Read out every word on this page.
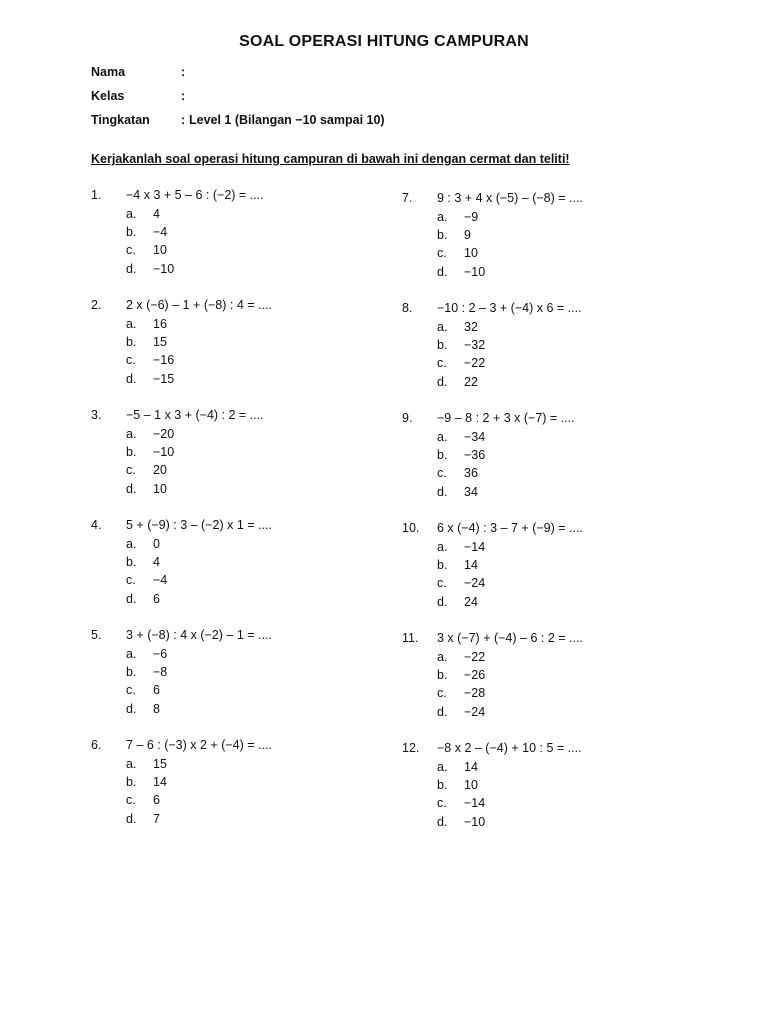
SOAL OPERASI HITUNG CAMPURAN
Nama	:
Kelas	:
Tingkatan : Level 1 (Bilangan −10 sampai 10)
Kerjakanlah soal operasi hitung campuran di bawah ini dengan cermat dan teliti!
1. −4 x 3 + 5 – 6 : (−2) = ....
a. 4
b. −4
c. 10
d. −10
2. 2 x (−6) – 1 + (−8) : 4 = ....
a. 16
b. 15
c. −16
d. −15
3. −5 – 1 x 3 + (−4) : 2 = ....
a. −20
b. −10
c. 20
d. 10
4. 5 + (−9) : 3 – (−2) x 1 = ....
a. 0
b. 4
c. −4
d. 6
5. 3 + (−8) : 4 x (−2) – 1 = ....
a. −6
b. −8
c. 6
d. 8
6. 7 – 6 : (−3) x 2 + (−4) = ....
a. 15
b. 14
c. 6
d. 7
7. 9 : 3 + 4 x (−5) – (−8) = ....
a. −9
b. 9
c. 10
d. −10
8. −10 : 2 – 3 + (−4) x 6 = ....
a. 32
b. −32
c. −22
d. 22
9. −9 – 8 : 2 + 3 x (−7) = ....
a. −34
b. −36
c. 36
d. 34
10. 6 x (−4) : 3 – 7 + (−9) = ....
a. −14
b. 14
c. −24
d. 24
11. 3 x (−7) + (−4) – 6 : 2 = ....
a. −22
b. −26
c. −28
d. −24
12. −8 x 2 – (−4) + 10 : 5 = ....
a. 14
b. 10
c. −14
d. −10
